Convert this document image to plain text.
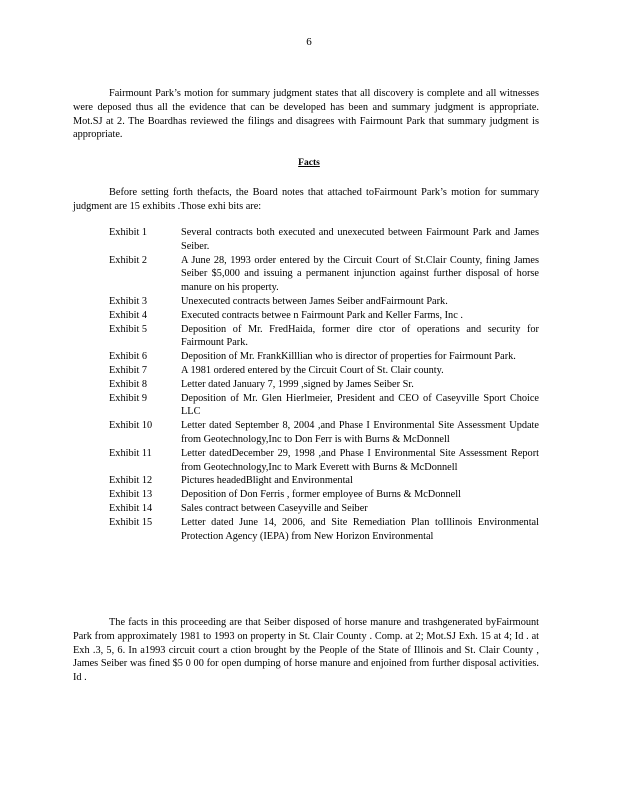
6

Fairmount Park’s motion for summary judgment states that all discovery is complete and all witnesses were deposed thus all the evidence that can be developed has been and summary judgment is appropriate. Mot.SJ at 2. The Boardhas reviewed the filings and disagrees with Fairmount Park that summary judgment is appropriate.

Facts

Before setting forth thefacts, the Board notes that attached toFairmount Park’s motion for summary judgment are 15 exhibits .Those exhi bits are:

Exhibit 1	Several contracts both executed and unexecuted between Fairmount Park and James Seiber.
Exhibit 2	A June 28, 1993 order entered by the Circuit Court of St.Clair County, fining James Seiber $5,000 and issuing a permanent injunction against further disposal of horse manure on his property.
Exhibit 3	Unexecuted contracts between James Seiber andFairmount Park.
Exhibit 4	Executed contracts betwee n Fairmount Park and Keller Farms, Inc .
Exhibit 5	Deposition of Mr. FredHaida, former dire ctor of operations and security for Fairmount Park.
Exhibit 6	Deposition of Mr. FrankKilllian who is director of properties for Fairmount Park.
Exhibit 7	A 1981 ordered entered by the Circuit Court of St. Clair county.
Exhibit 8	Letter dated January 7, 1999 ,signed by James Seiber Sr.
Exhibit 9	Deposition of Mr. Glen Hierlmeier, President and CEO of Caseyville Sport Choice LLC
Exhibit 10	Letter dated September 8, 2004 ,and Phase I Environmental Site Assessment Update from Geotechnology,Inc to Don Ferr is with Burns & McDonnell
Exhibit 11	Letter datedDecember 29, 1998 ,and Phase I Environmental Site Assessment Report from Geotechnology,Inc to Mark Everett with Burns & McDonnell
Exhibit 12	Pictures headedBlight and Environmental
Exhibit 13	Deposition of Don Ferris , former employee of Burns & McDonnell
Exhibit 14	Sales contract between Caseyville and Seiber
Exhibit 15	Letter dated June 14, 2006, and Site Remediation Plan toIllinois Environmental Protection Agency (IEPA) from New Horizon Environmental

The facts in this proceeding are that Seiber disposed of horse manure and trashgenerated byFairmount Park from approximately 1981 to 1993 on property in St. Clair County . Comp. at 2; Mot.SJ Exh. 15 at 4; Id . at Exh .3, 5, 6. In a1993 circuit court a ction brought by the People of the State of Illinois and St. Clair County , James Seiber was fined $5 0 00 for open dumping of horse manure and enjoined from further disposal activities. Id .
